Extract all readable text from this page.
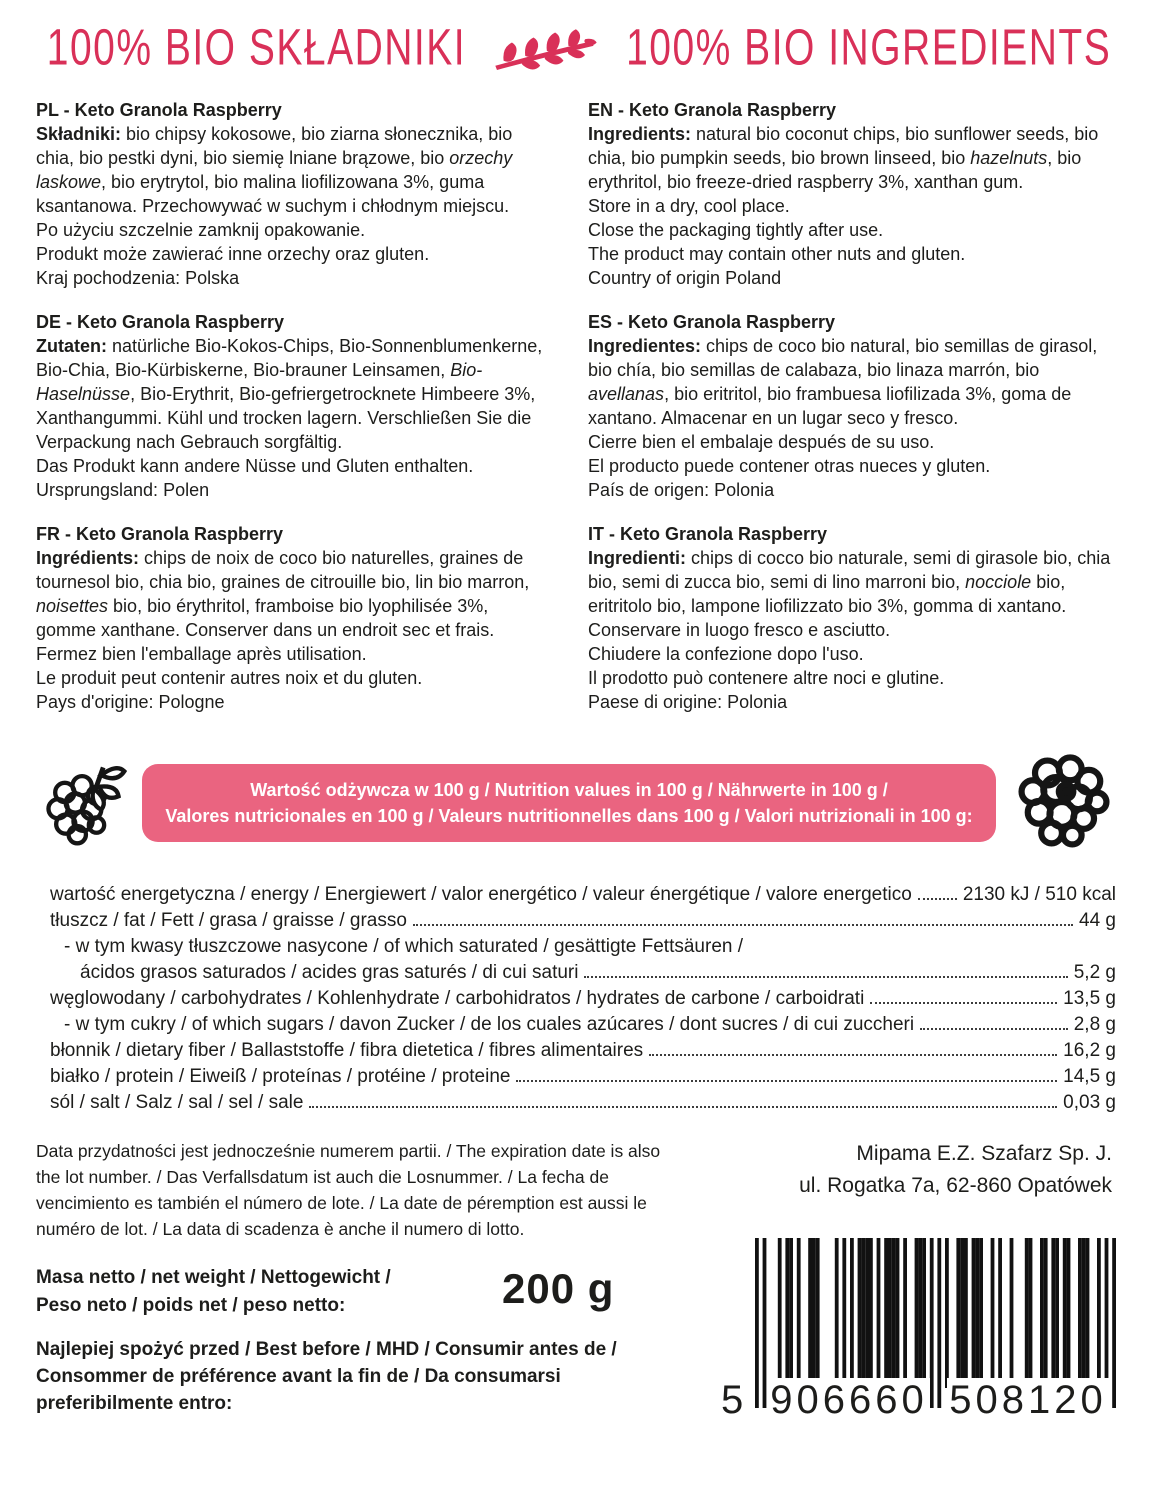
100% BIO SKŁADNIKI	100% BIO INGREDIENTS
PL - Keto Granola Raspberry

Składniki: bio chipsy kokosowe, bio ziarna słonecznika, bio chia, bio pestki dyni, bio siemię lniane brązowe, bio orzechy laskowe, bio erytrytol, bio malina liofilizowana 3%, guma ksantanowa. Przechowywać w suchym i chłodnym miejscu.
Po użyciu szczelnie zamknij opakowanie.
Produkt może zawierać inne orzechy oraz gluten.
Kraj pochodzenia: Polska

DE - Keto Granola Raspberry

Zutaten: natürliche Bio-Kokos-Chips, Bio-Sonnenblumenkerne, Bio-Chia, Bio-Kürbiskerne, Bio-brauner Leinsamen, Bio-Haselnüsse, Bio-Erythrit, Bio-gefriergetrocknete Himbeere 3%, Xanthangummi. Kühl und trocken lagern. Verschließen Sie die Verpackung nach Gebrauch sorgfältig.
Das Produkt kann andere Nüsse und Gluten enthalten.
Ursprungsland: Polen

FR - Keto Granola Raspberry

Ingrédients: chips de noix de coco bio naturelles, graines de tournesol bio, chia bio, graines de citrouille bio, lin bio marron, noisettes bio, bio érythritol, framboise bio lyophilisée 3%, gomme xanthane. Conserver dans un endroit sec et frais.
Fermez bien l'emballage après utilisation.
Le produit peut contenir autres noix et du gluten.
Pays d'origine: Pologne

EN - Keto Granola Raspberry

Ingredients: natural bio coconut chips, bio sunflower seeds, bio chia, bio pumpkin seeds, bio brown linseed, bio hazelnuts, bio erythritol, bio freeze-dried raspberry 3%, xanthan gum.
Store in a dry, cool place.
Close the packaging tightly after use.
The product may contain other nuts and gluten.
Country of origin Poland

ES - Keto Granola Raspberry

Ingredientes: chips de coco bio natural, bio semillas de girasol, bio chía, bio semillas de calabaza, bio linaza marrón, bio avellanas, bio eritritol, bio frambuesa liofilizada 3%, goma de xantano. Almacenar en un lugar seco y fresco.
Cierre bien el embalaje después de su uso.
El producto puede contener otras nueces y gluten.
País de origen: Polonia

IT - Keto Granola Raspberry

Ingredienti: chips di cocco bio naturale, semi di girasole bio, chia bio, semi di zucca bio, semi di lino marroni bio, nocciole bio, eritritolo bio, lampone liofilizzato bio 3%, gomma di xantano.
Conservare in luogo fresco e asciutto.
Chiudere la confezione dopo l'uso.
Il prodotto può contenere altre noci e glutine.
Paese di origine: Polonia

Wartość odżywcza w 100 g / Nutrition values in 100 g / Nährwerte in 100 g /
Valores nutricionales en 100 g / Valeurs nutritionnelles dans 100 g / Valori nutrizionali in 100 g:
wartość energetyczna / energy / Energiewert / valor energético / valeur énergétique / valore energetico	2130 kJ / 510 kcal
tłuszcz / fat / Fett / grasa / graisse / grasso	44 g
- w tym kwasy tłuszczowe nasycone / of which saturated / gesättigte Fettsäuren /
ácidos grasos saturados / acides gras saturés / di cui saturi	5,2 g
węglowodany / carbohydrates / Kohlenhydrate / carbohidratos / hydrates de carbone / carboidrati	13,5 g
- w tym cukry / of which sugars / davon Zucker / de los cuales azúcares / dont sucres / di cui zuccheri	2,8 g
błonnik / dietary fiber / Ballaststoffe / fibra dietetica / fibres alimentaires	16,2 g
białko / protein / Eiweiß / proteínas / protéine / proteine	14,5 g
sól / salt / Salz / sal / sel / sale	0,03 g

Data przydatności jest jednocześnie numerem partii. / The expiration date is also the lot number. / Das Verfallsdatum ist auch die Losnummer. / La fecha de vencimiento es también el número de lote. / La date de péremption est aussi le numéro de lot. / La data di scadenza è anche il numero di lotto.

Masa netto / net weight / Nettogewicht / Peso neto / poids net / peso netto:	200 g

Najlepiej spożyć przed / Best before / MHD / Consumir antes de / Consommer de préférence avant la fin de / Da consumarsi preferibilmente entro:

Mipama E.Z. Szafarz Sp. J.
ul. Rogatka 7a, 62-860 Opatówek
5 906660 508120
